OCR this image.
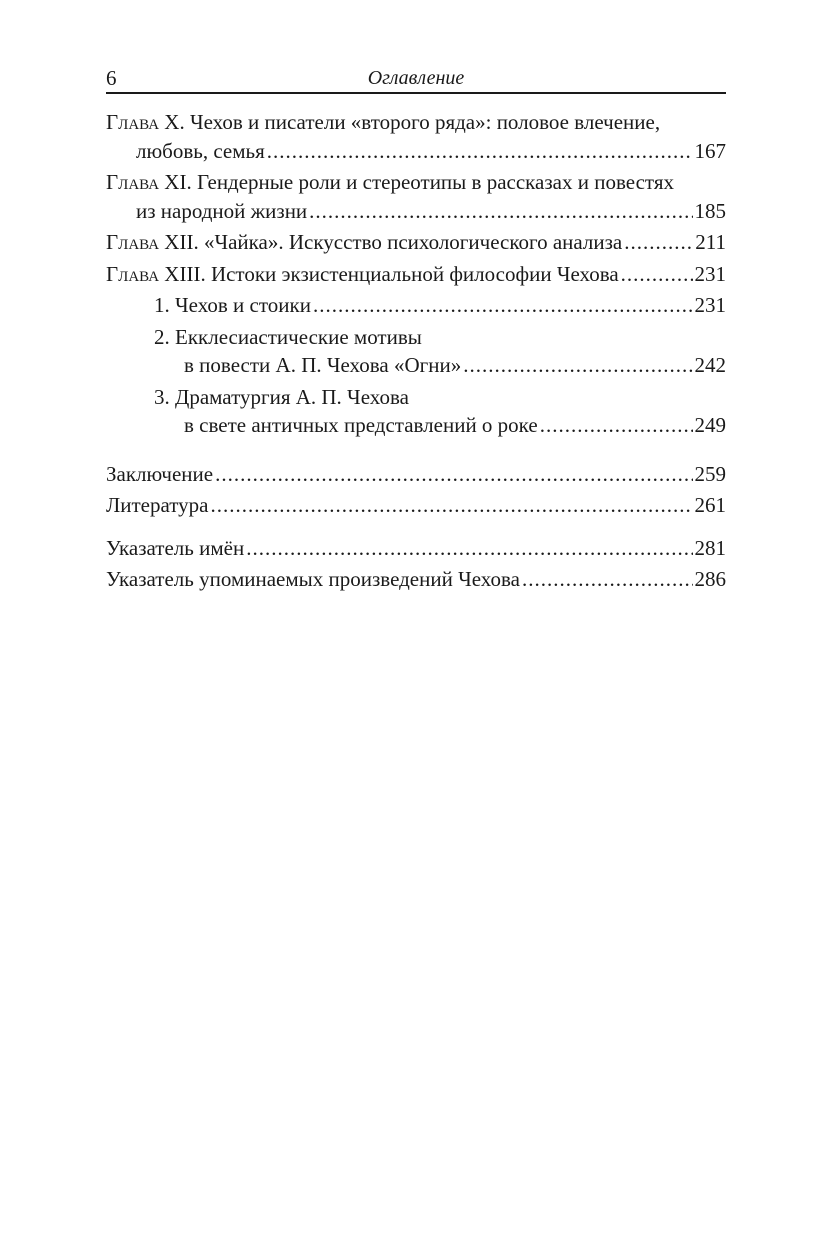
6	Оглавление
Глава X. Чехов и писатели «второго ряда»: половое влечение,
любовь, семья .....	167
Глава XI. Гендерные роли и стереотипы в рассказах и повестях
из народной жизни .....	185
Глава XII. «Чайка». Искусство психологического анализа .....	211
Глава XIII. Истоки экзистенциальной философии Чехова .....	231
1. Чехов и стоики .....	231
2. Екклесиастические мотивы
в повести А. П. Чехова «Огни» .....	242
3. Драматургия А. П. Чехова
в свете античных представлений о роке .....	249
Заключение .....	259
Литература .....	261
Указатель имён .....	281
Указатель упоминаемых произведений Чехова .....	286
